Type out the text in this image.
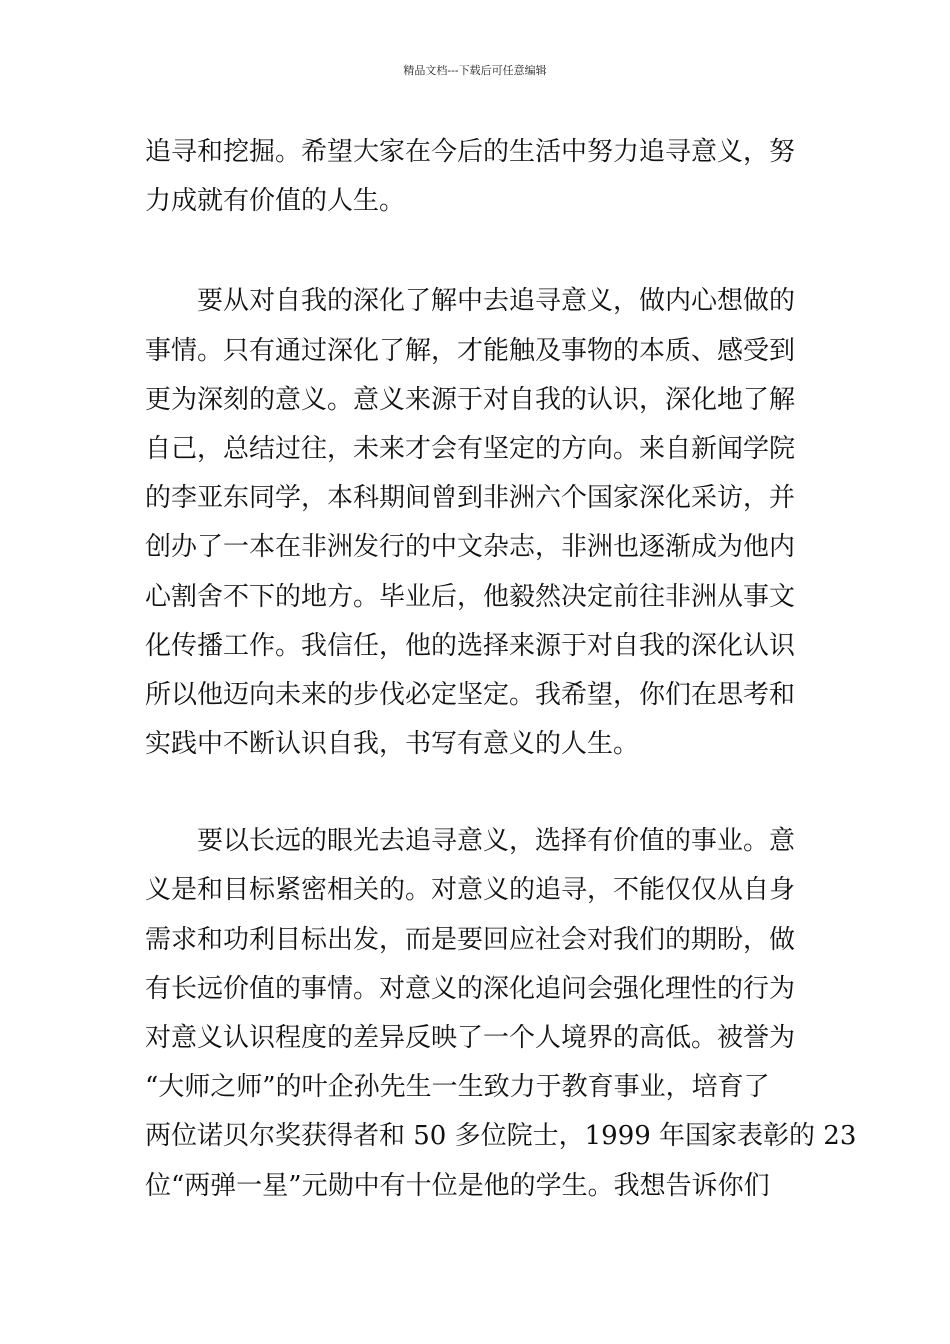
精品文档---下载后可任意编辑
追寻和挖掘。希望大家在今后的生活中努力追寻意义，努
力成就有价值的人生。
　　要从对自我的深化了解中去追寻意义，做内心想做的
事情。只有通过深化了解，才能触及事物的本质、感受到
更为深刻的意义。意义来源于对自我的认识，深化地了解
自己，总结过往，未来才会有坚定的方向。来自新闻学院
的李亚东同学，本科期间曾到非洲六个国家深化采访，并
创办了一本在非洲发行的中文杂志，非洲也逐渐成为他内
心割舍不下的地方。毕业后，他毅然决定前往非洲从事文
化传播工作。我信任，他的选择来源于对自我的深化认识
所以他迈向未来的步伐必定坚定。我希望，你们在思考和
实践中不断认识自我，书写有意义的人生。
　　要以长远的眼光去追寻意义，选择有价值的事业。意
义是和目标紧密相关的。对意义的追寻，不能仅仅从自身
需求和功利目标出发，而是要回应社会对我们的期盼，做
有长远价值的事情。对意义的深化追问会强化理性的行为
对意义认识程度的差异反映了一个人境界的高低。被誉为
“大师之师”的叶企孙先生一生致力于教育事业，培育了
两位诺贝尔奖获得者和 50 多位院士，1999 年国家表彰的 23
位“两弹一星”元勋中有十位是他的学生。我想告诉你们
